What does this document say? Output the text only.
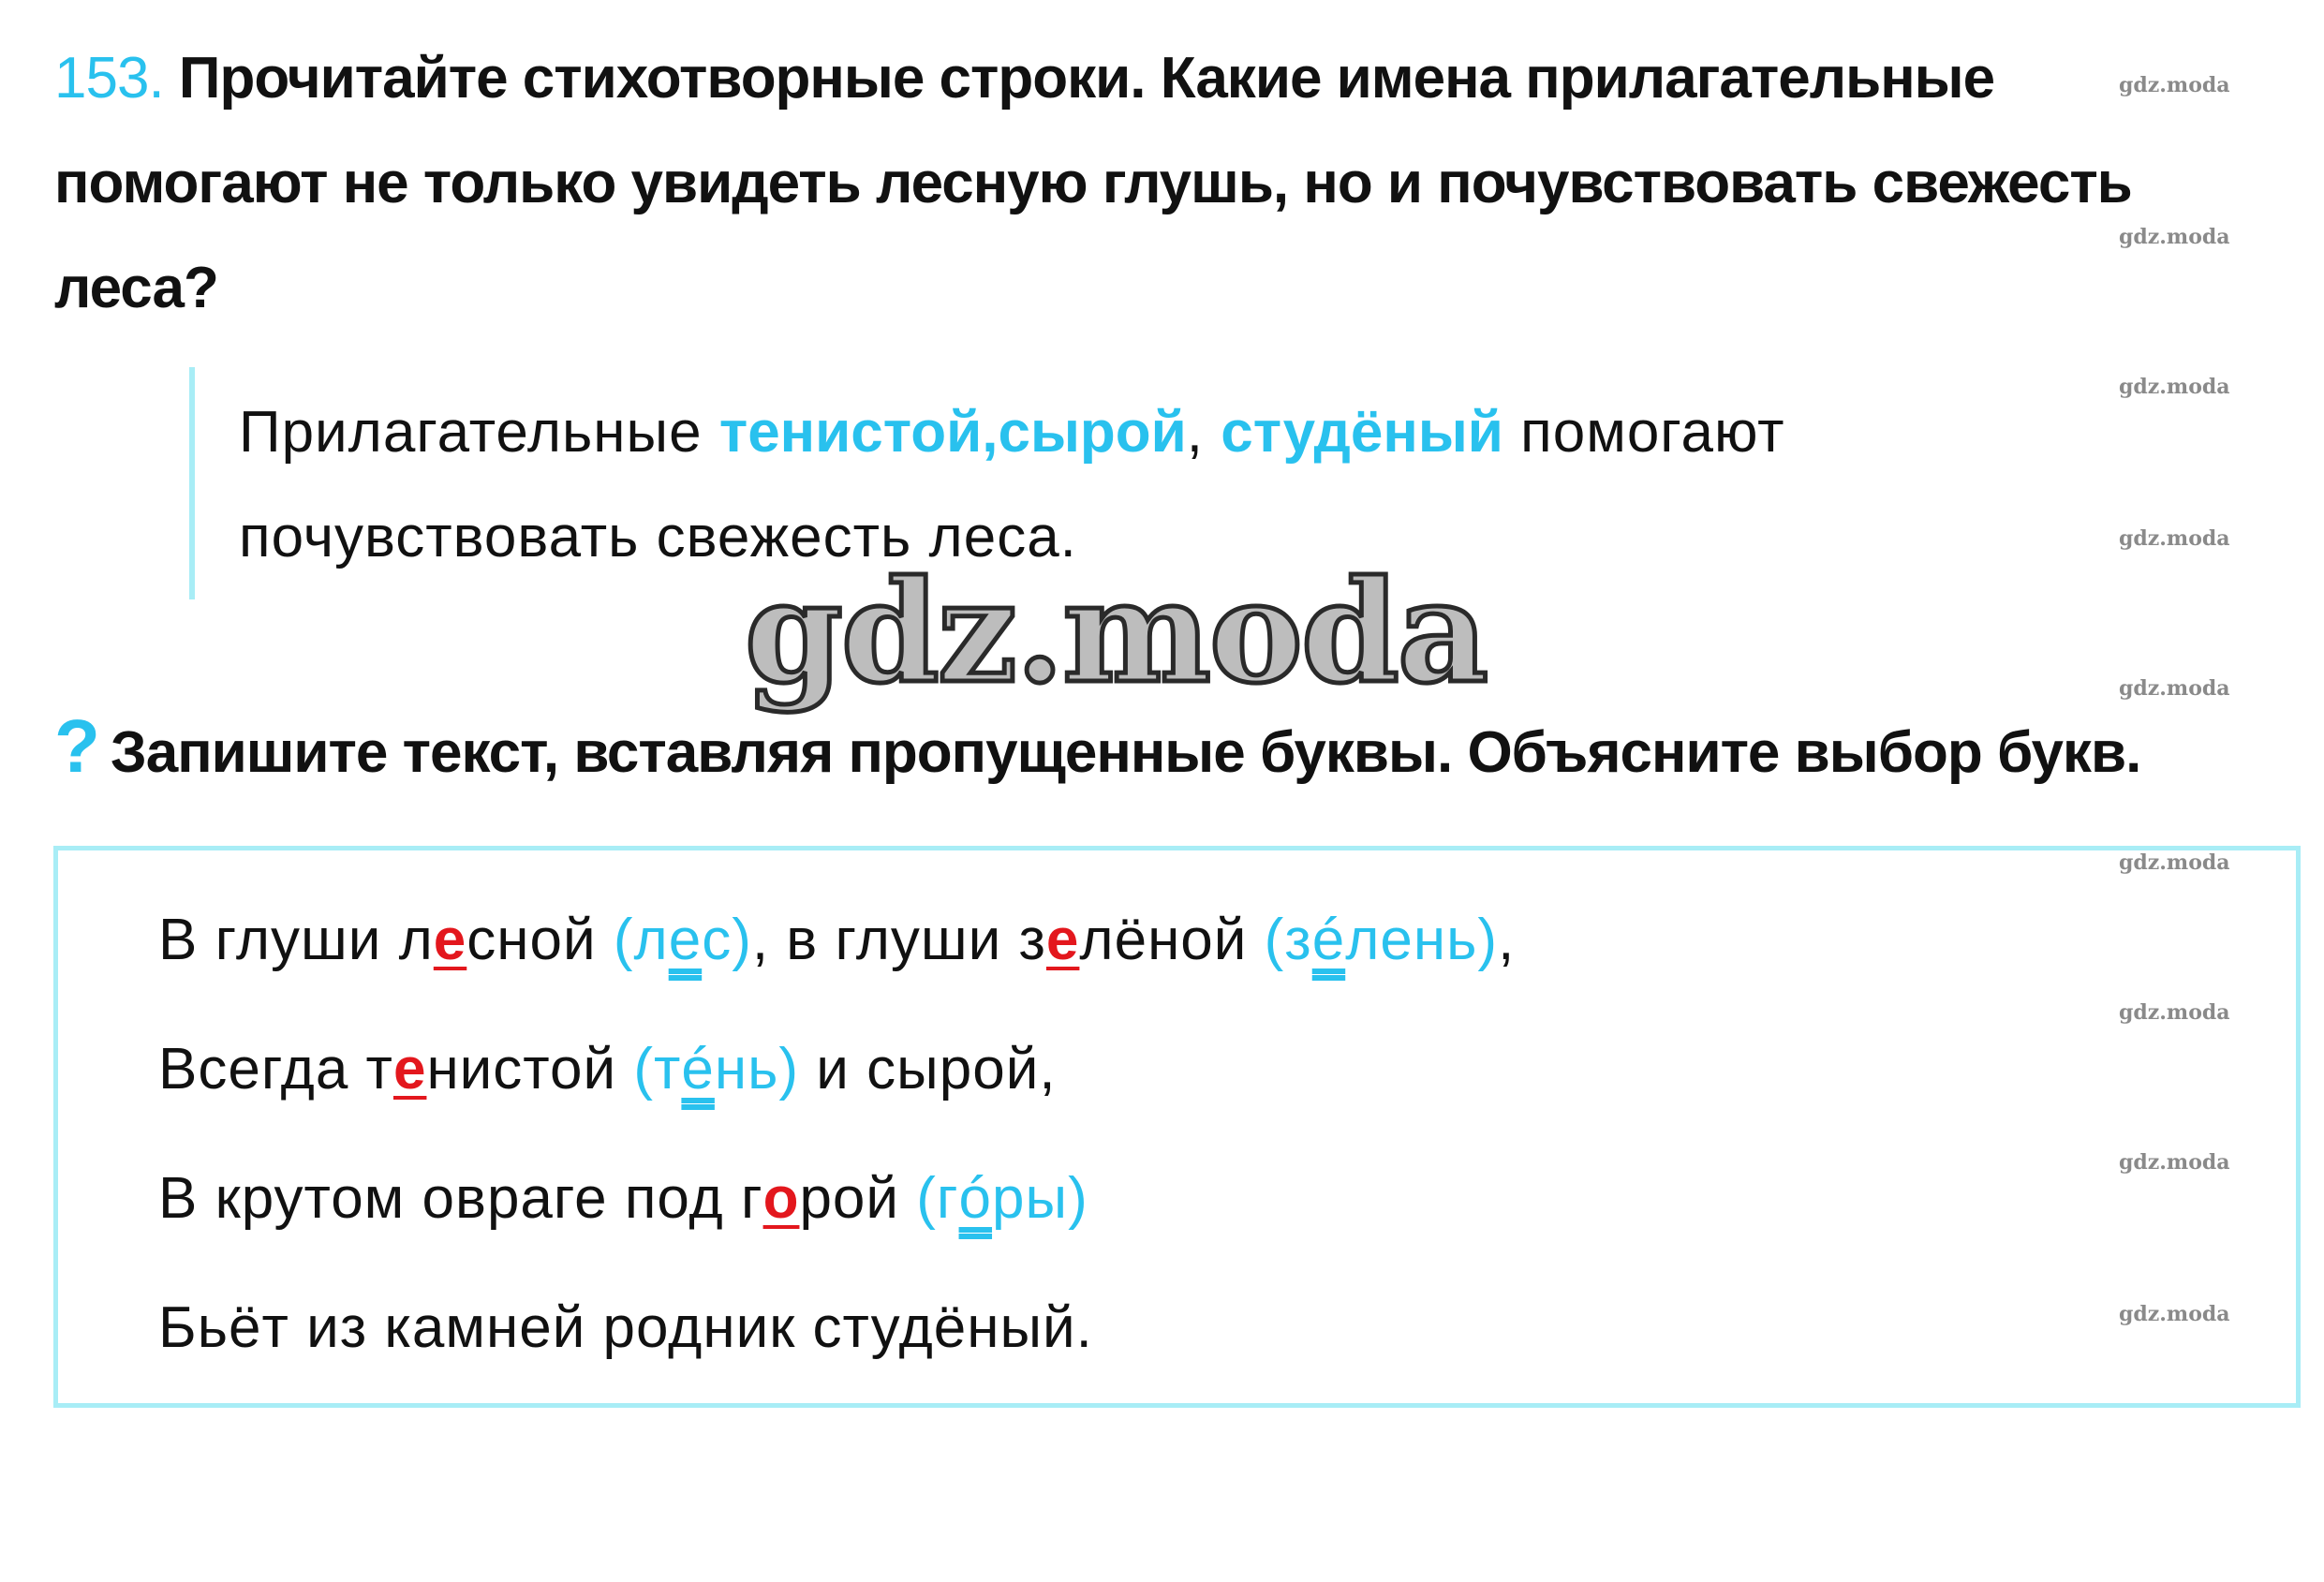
153. Прочитайте стихотворные строки. Какие имена прилагательные помогают не только увидеть лесную глушь, но и почувствовать свежесть леса?
Прилагательные тенистой,сырой, студёный помогают почувствовать свежесть леса.
gdz.moda
? Запишите текст, вставляя пропущенные буквы. Объясните выбор букв.
В глуши лесной (лес), в глуши зелёной (зéлень),
Всегда тенистой (тéнь) и сырой,
В крутом овраге под горой (гóры)
Бьёт из камней родник студёный.
gdz.moda
gdz.moda
gdz.moda
gdz.moda
gdz.moda
gdz.moda
gdz.moda
gdz.moda
gdz.moda
